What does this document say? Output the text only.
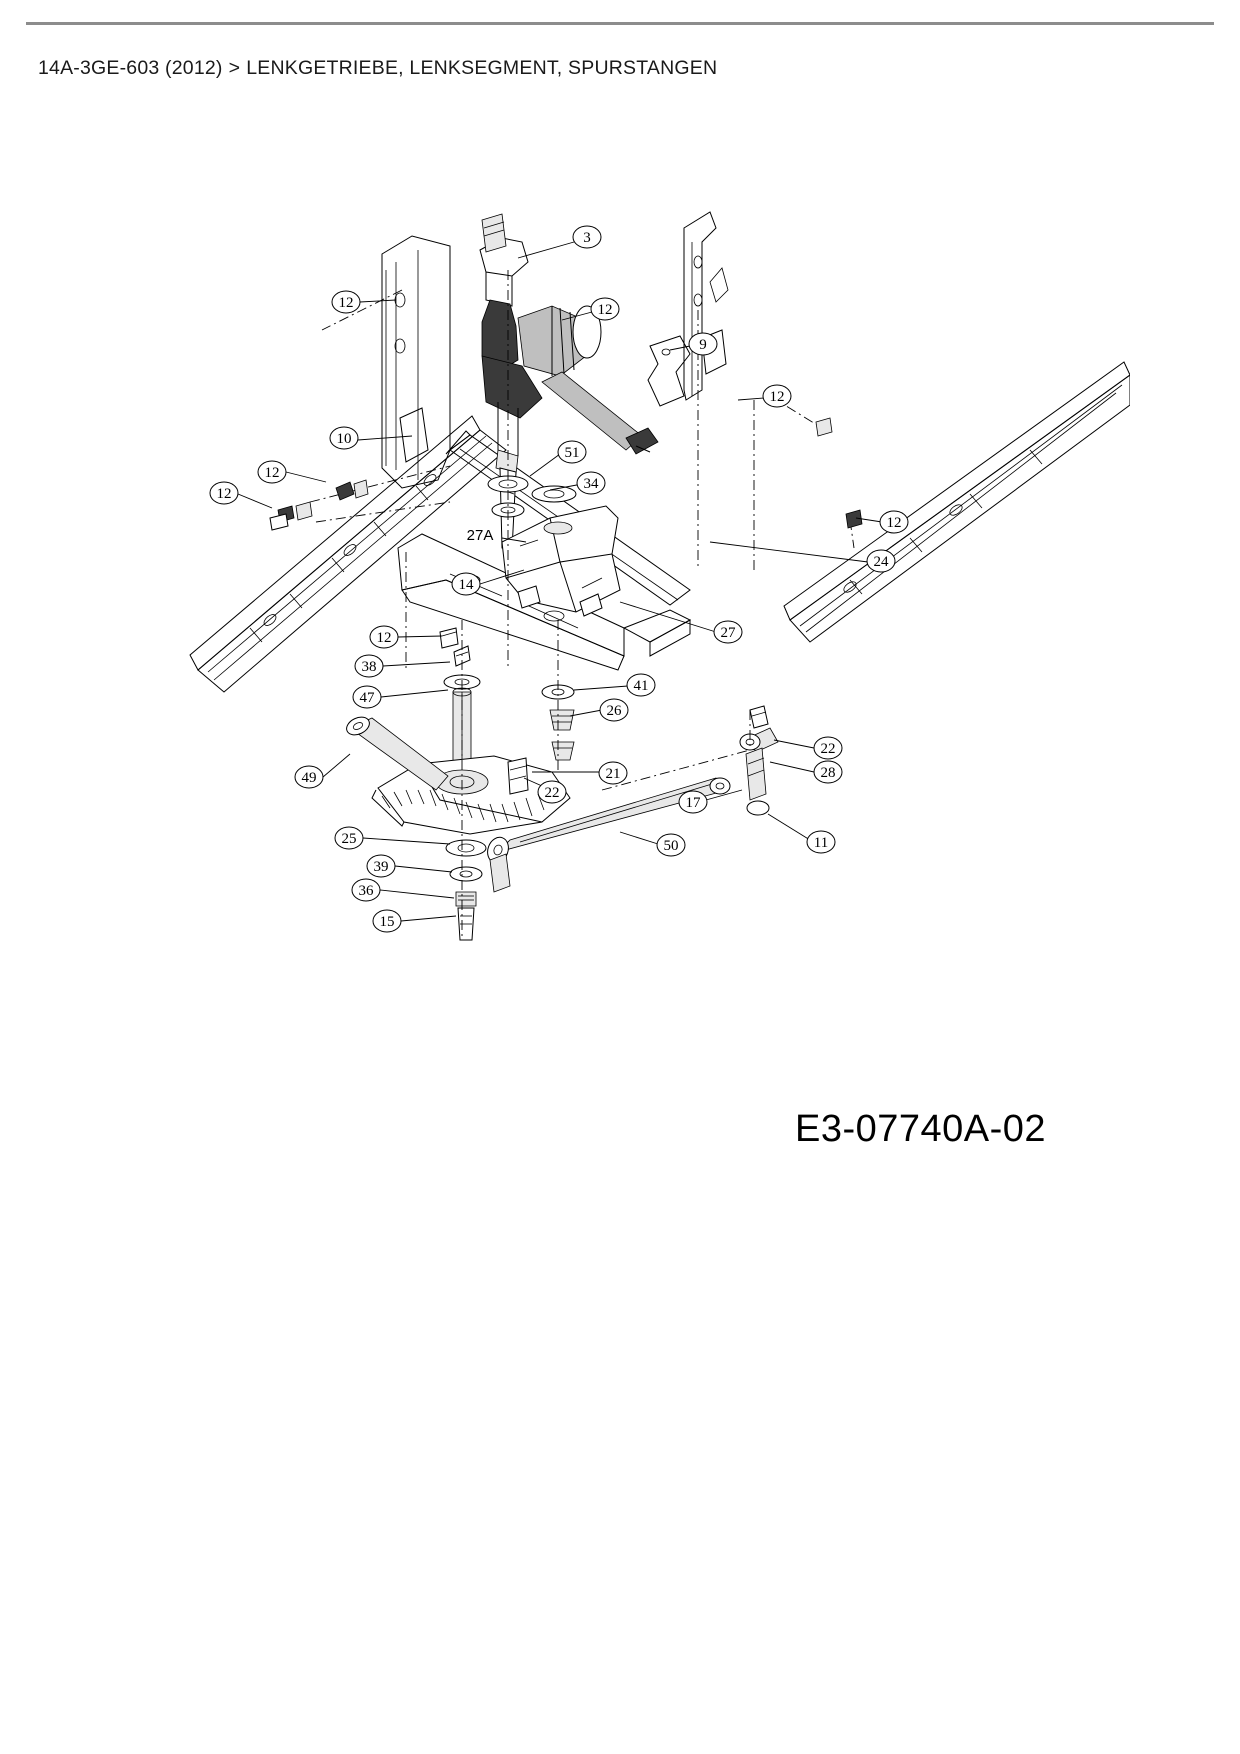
14A-3GE-603 (2012) > LENKGETRIEBE, LENKSEGMENT, SPURSTANGEN
3
12	12
9
12
10
12
12
51
34
12
24
27A
14
27
12
38
47
41
26
49
22
21
22
28
17
11
25
39
36
15
50
E3-07740A-02
